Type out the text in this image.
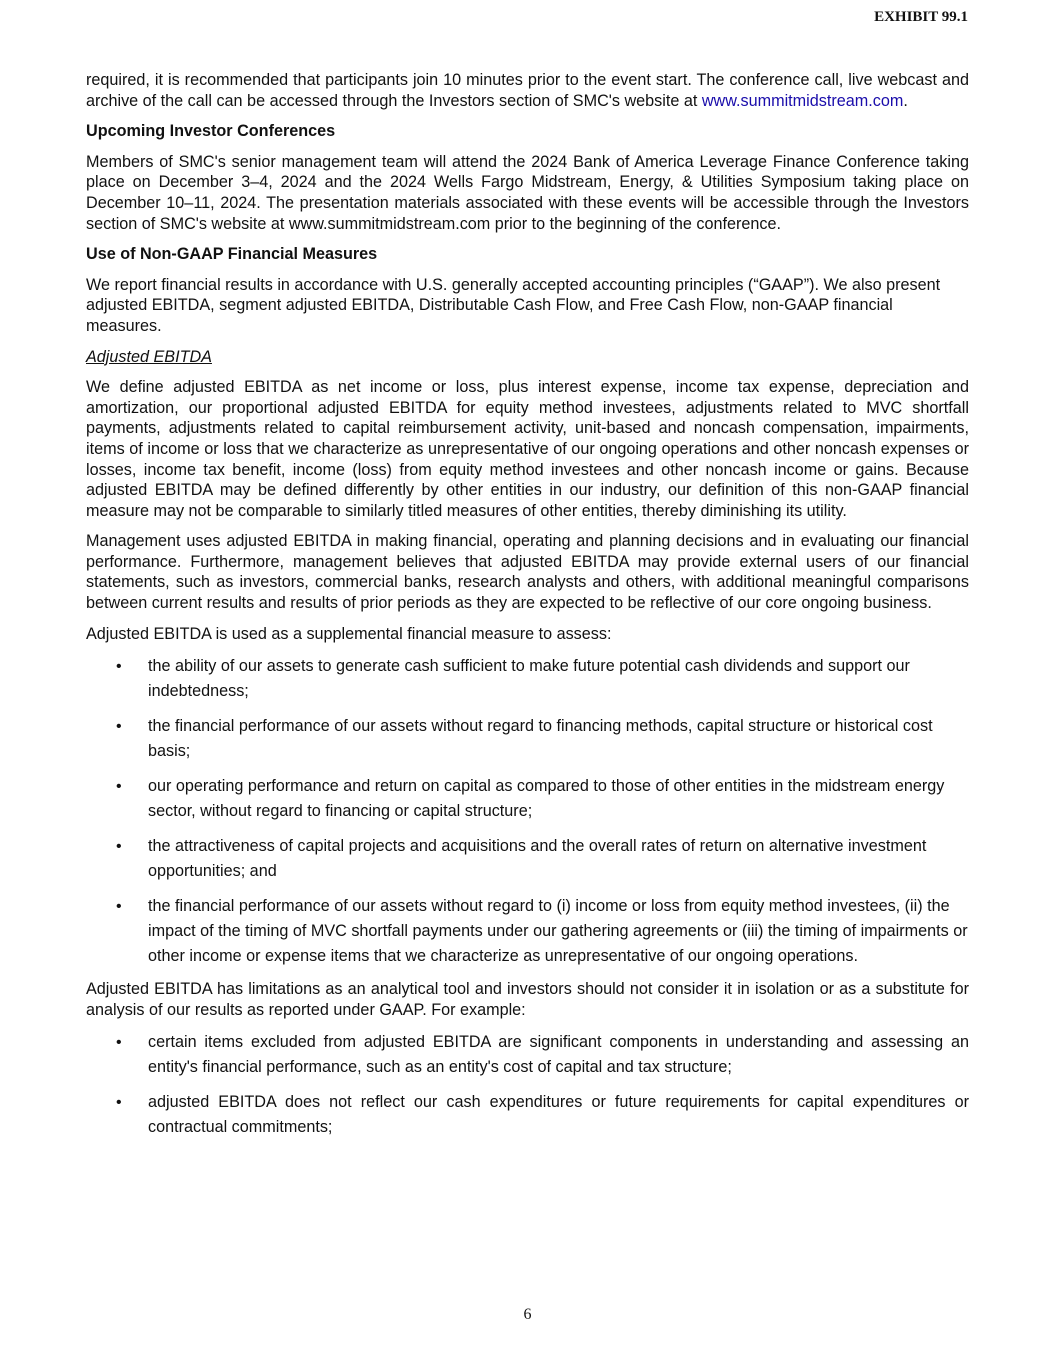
EXHIBIT 99.1

required, it is recommended that participants join 10 minutes prior to the event start. The conference call, live webcast and archive of the call can be accessed through the Investors section of SMC's website at www.summitmidstream.com.

Upcoming Investor Conferences

Members of SMC's senior management team will attend the 2024 Bank of America Leverage Finance Conference taking place on December 3–4, 2024 and the 2024 Wells Fargo Midstream, Energy, & Utilities Symposium taking place on December 10–11, 2024. The presentation materials associated with these events will be accessible through the Investors section of SMC's website at www.summitmidstream.com prior to the beginning of the conference.

Use of Non-GAAP Financial Measures

We report financial results in accordance with U.S. generally accepted accounting principles (“GAAP”). We also present adjusted EBITDA, segment adjusted EBITDA, Distributable Cash Flow, and Free Cash Flow, non-GAAP financial measures.

Adjusted EBITDA

We define adjusted EBITDA as net income or loss, plus interest expense, income tax expense, depreciation and amortization, our proportional adjusted EBITDA for equity method investees, adjustments related to MVC shortfall payments, adjustments related to capital reimbursement activity, unit-based and noncash compensation, impairments, items of income or loss that we characterize as unrepresentative of our ongoing operations and other noncash expenses or losses, income tax benefit, income (loss) from equity method investees and other noncash income or gains. Because adjusted EBITDA may be defined differently by other entities in our industry, our definition of this non-GAAP financial measure may not be comparable to similarly titled measures of other entities, thereby diminishing its utility.

Management uses adjusted EBITDA in making financial, operating and planning decisions and in evaluating our financial performance. Furthermore, management believes that adjusted EBITDA may provide external users of our financial statements, such as investors, commercial banks, research analysts and others, with additional meaningful comparisons between current results and results of prior periods as they are expected to be reflective of our core ongoing business.

Adjusted EBITDA is used as a supplemental financial measure to assess:

• the ability of our assets to generate cash sufficient to make future potential cash dividends and support our indebtedness;
• the financial performance of our assets without regard to financing methods, capital structure or historical cost basis;
• our operating performance and return on capital as compared to those of other entities in the midstream energy sector, without regard to financing or capital structure;
• the attractiveness of capital projects and acquisitions and the overall rates of return on alternative investment opportunities; and
• the financial performance of our assets without regard to (i) income or loss from equity method investees, (ii) the impact of the timing of MVC shortfall payments under our gathering agreements or (iii) the timing of impairments or other income or expense items that we characterize as unrepresentative of our ongoing operations.

Adjusted EBITDA has limitations as an analytical tool and investors should not consider it in isolation or as a substitute for analysis of our results as reported under GAAP. For example:

• certain items excluded from adjusted EBITDA are significant components in understanding and assessing an entity's financial performance, such as an entity's cost of capital and tax structure;
• adjusted EBITDA does not reflect our cash expenditures or future requirements for capital expenditures or contractual commitments;
6
